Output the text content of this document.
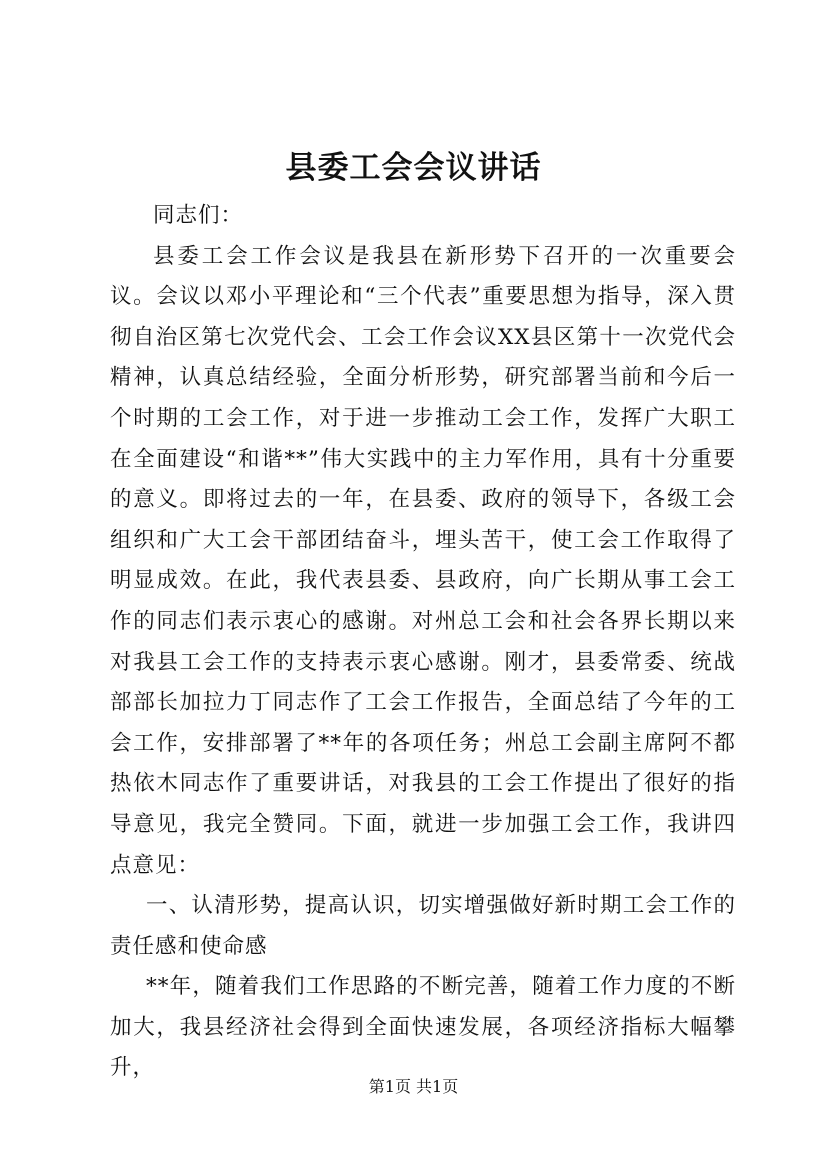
县委工会会议讲话

同志们：

县委工会工作会议是我县在新形势下召开的一次重要会议。会议以邓小平理论和“三个代表”重要思想为指导，深入贯彻自治区第七次党代会、工会工作会议XX县区第十一次党代会精神，认真总结经验，全面分析形势，研究部署当前和今后一个时期的工会工作，对于进一步推动工会工作，发挥广大职工在全面建设“和谐**”伟大实践中的主力军作用，具有十分重要的意义。即将过去的一年，在县委、政府的领导下，各级工会组织和广大工会干部团结奋斗，埋头苦干，使工会工作取得了明显成效。在此，我代表县委、县政府，向广长期从事工会工作的同志们表示衷心的感谢。对州总工会和社会各界长期以来对我县工会工作的支持表示衷心感谢。刚才，县委常委、统战部部长加拉力丁同志作了工会工作报告，全面总结了今年的工会工作，安排部署了**年的各项任务；州总工会副主席阿不都热依木同志作了重要讲话，对我县的工会工作提出了很好的指导意见，我完全赞同。下面，就进一步加强工会工作，我讲四点意见：

一、认清形势，提高认识，切实增强做好新时期工会工作的责任感和使命感

**年，随着我们工作思路的不断完善，随着工作力度的不断加大，我县经济社会得到全面快速发展，各项经济指标大幅攀升，

第1页 共1页
